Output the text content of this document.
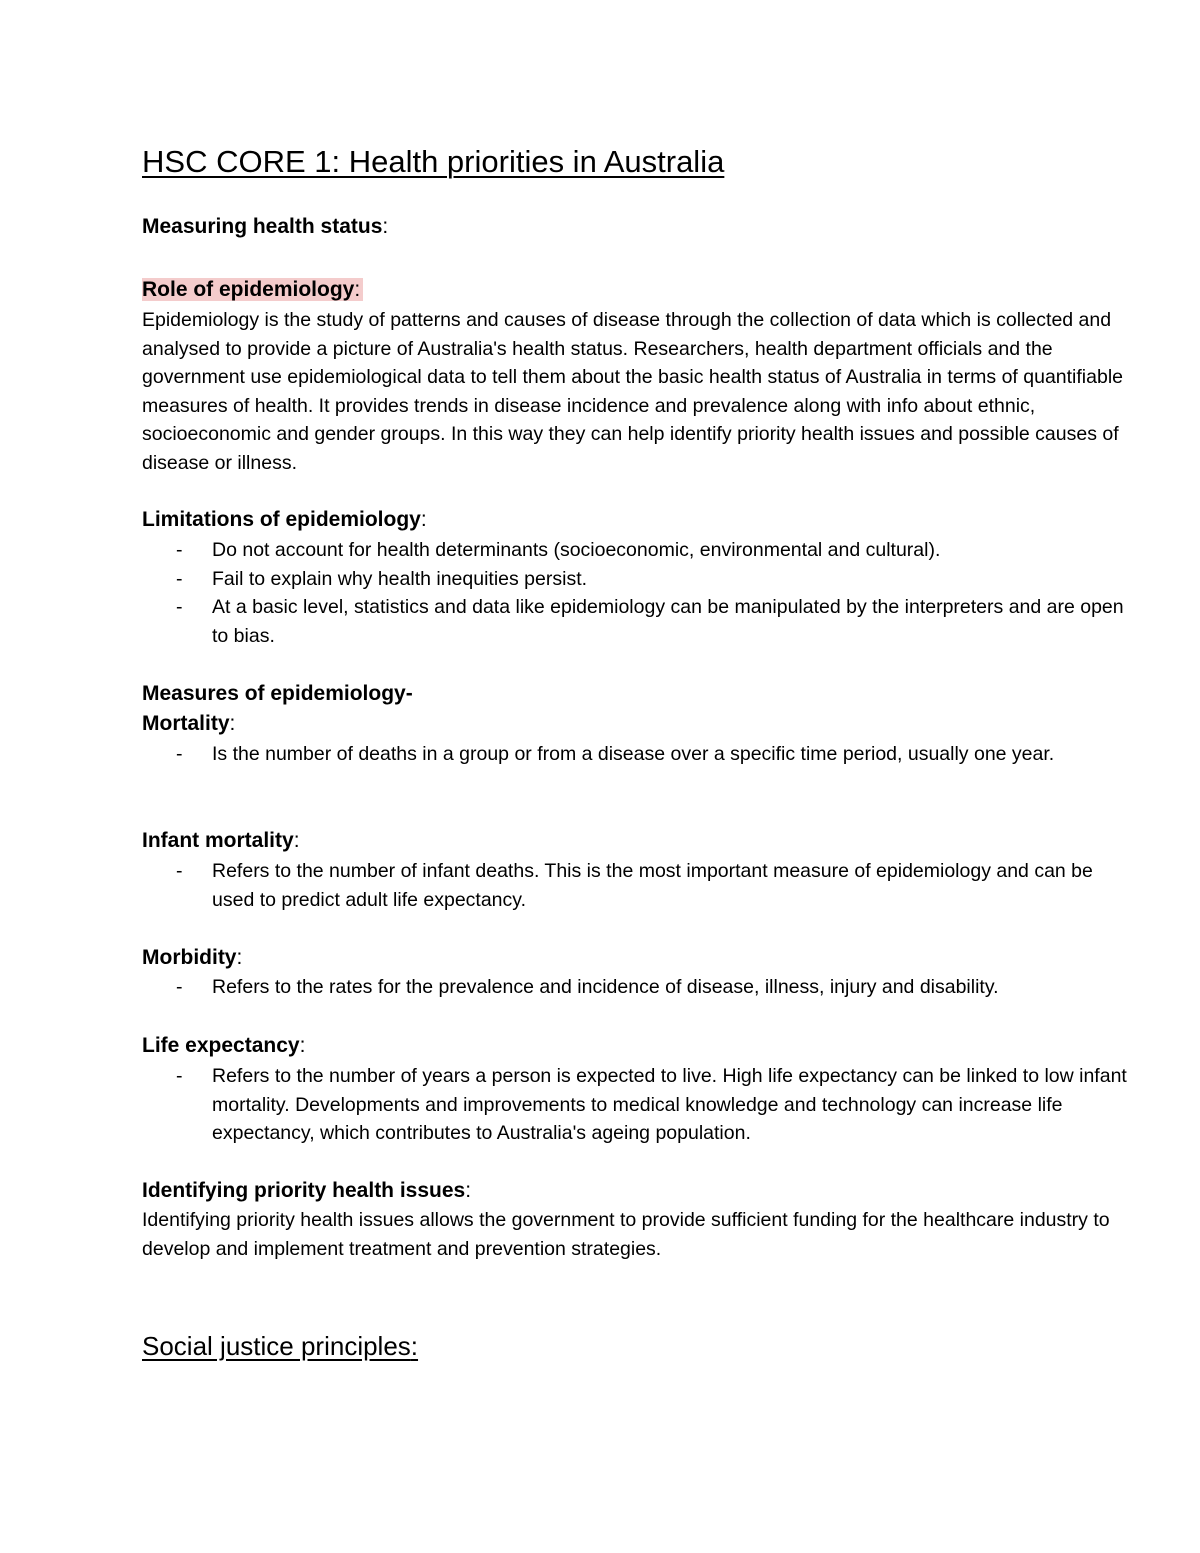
HSC CORE 1: Health priorities in Australia
Measuring health status:
Role of epidemiology:

Epidemiology is the study of patterns and causes of disease through the collection of data which is collected and analysed to provide a picture of Australia's health status. Researchers, health department officials and the government use epidemiological data to tell them about the basic health status of Australia in terms of quantifiable measures of health. It provides trends in disease incidence and prevalence along with info about ethnic, socioeconomic and gender groups. In this way they can help identify priority health issues and possible causes of disease or illness.

Limitations of epidemiology:
- Do not account for health determinants (socioeconomic, environmental and cultural).
- Fail to explain why health inequities persist.
- At a basic level, statistics and data like epidemiology can be manipulated by the interpreters and are open to bias.
Measures of epidemiology-
Mortality:
- Is the number of deaths in a group or from a disease over a specific time period, usually one year.
Infant mortality:
- Refers to the number of infant deaths. This is the most important measure of epidemiology and can be used to predict adult life expectancy.
Morbidity:
- Refers to the rates for the prevalence and incidence of disease, illness, injury and disability.
Life expectancy:
- Refers to the number of years a person is expected to live. High life expectancy can be linked to low infant mortality. Developments and improvements to medical knowledge and technology can increase life expectancy, which contributes to Australia's ageing population.
Identifying priority health issues:

Identifying priority health issues allows the government to provide sufficient funding for the healthcare industry to develop and implement treatment and prevention strategies.

Social justice principles:
